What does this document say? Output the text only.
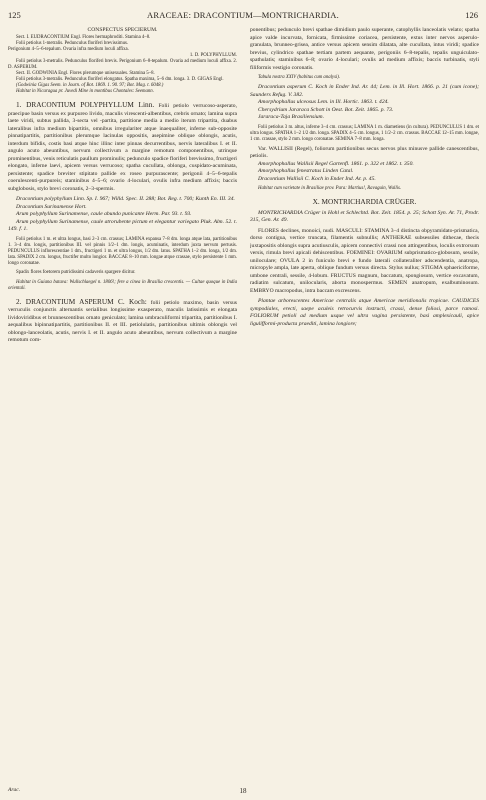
125	ARACEAE: DRACONTIUM—MONTRICHARDIA.	126

CONSPECTUS SPECIERUM.

Sect. I. EUDRACONTIUM Engl. Flores hermaphroditi. Stamina 4–8.

Folii petiolus 1-metralis. Pedunculus floriferi brevissimus.

Perigonium 4–5–6-tepalum. Ovaria infra medium loculi affixa.

1. D. POLYPHYLLUM.

Folii petiolus 3-metralis. Pedunculus floriferi brevis. Perigonium 6–8-tepalum. Ovaria ad medium loculi affixa. 2. D. ASPERUM.

Sect. II. GODWINIA Engl. Flores plerumque unisexuales. Stamina 5–8.

Folii petiolus 3-metralis. Pedunculus floriferi elongatus. Spatha maxima, 5–6 dm. longa. 3. D. GIGAS Engl.

(Godwinia Gigas Seem. in Journ. of Bot. 1869. 1. 90. 97; Bot. Mag. t. 6048.)

Habitat in Nicaragua pr. Juvedi Mine in montibus Chontales: Seemann.

1. DRACONTIUM POLYPHYLLUM Linn. Folii petiolo verrucoso-asperato, praecipue basin versus ex purpureo livido, maculis virescenti-albentibus, crebris ornato; lamina supra laete viridi, subtus pallida, 3-secta vel -partita, partitione media a medio iterum tripartita, duabus lateralibus infra medium bipartitis, omnibus irregulariter atque inaequaliter, inferne sub-opposite pinnatipartitis, partitionibus plerumque lacinulas oppositis, asepimine oblique oblongis, acutis, interdum bifidis, costis basi atque hinc illinc inter pinnas decurrentibus, nervis lateralibus I. et II. angulo acuto abeuntibus, nervum collectivum a margine remotum componentibus, utrinque prominentibus, venis reticulatis paullum prominulis; pedunculo spadice floriferi brevissimo, fructigeri elongato, inferne laevi, apicem versus verrucoso; spatha cucullata, oblonga, cuspidato-acuminata, persistente; spadice breviter stipitato pallide ex roseo purpurascente; perigonii 4–5–6-tepalis coerulescenti-purpureis; staminibus 4–5–6; ovario 4-loculari, ovulis infra medium affixis; baccis subglobosis, stylo brevi coronatis, 2–3-spermis.

Dracontium polyphyllum Linn. Sp. I. 967; Willd. Spec. II. 288; Bot. Reg. t. 700; Kunth En. III. 34.

Dracontium Surinamense Hort.

Arum polyphyllum Surinamense, caule abundo punicante Herm. Par. 93. t. 93.

Arum polyphyllum Surinamense, caule atrorubente pictum et elegantur variegato Pluk. Alm. 52. t. 149. f. 1.

Folii petiolus 1 m. et ultra longus, basi 2–3 cm. crassus; LAMINA expansa 7–8 dm. longa atque lata, partitionibus 1. 3–4 dm. longis, partitionibus III. vel pinnis 1/2–1 dm. longis, acuminatis, interdum juxta nervum pertusis. PEDUNCULUS inflorescentiae 1 dm., fructigeri 1 m. et ultra longus, 1/2 dm. latus. SPATHA 1–2 dm. longa, 1/2 dm. lata. SPADIX 2 cm. longus, fructifer multo longior. BACCAE 8–10 mm. longae atque crassae, stylo persistente 1 mm. longo coronatae.

Spadix flores foetorem putridissimi cadaveris spargere dicitur.

Habitat in Guiana batava: Wullschlaegel n. 1806!; fere a cinea in Brasilia crescentis. — Cultae quoque in India orientali.

2. DRACONTIUM ASPERUM C. Koch: folii petiolo maximo, basin versus verruculis conjunctis alternantis serialibus longissime exasperato, maculis latissimis et elongata lividoviridibus et brunnescentibus ornato geniculato; lamina umbraculiformi tripartita, partitionibus I. aequalibus bipinnatipartitis, partitionibus II. et III. petiolulatis, partitionibus ultimis oblongis vel oblongo-lanceolatis, acutis, nervis I. et II. angulo acuto abeuntibus, nervum collectivum a margine remotum com-

ponentibus; pedunculo brevi spathae dimidium paulo superante, catophyllis lanceolatis velato; spatha apice valde incurvata, fornicata, firmissime coriacea, persistente, extus inter nervos asperulo-granulata, brunneo-grisea, antice versus apicem sensim dilatata, alte cucullata, intus viridi; spadice brevius, cylindrico spathae tertiam partem aequante, perigoniis 6–8-tepalis, tepalis unguiculato-spathulatis; staminibus 6–8; ovario 4-loculari; ovulis ad medium affixis; baccis turbinatis, styli filiformis vestigio coronatis.

Tabula nostra XXIV (habitus cum analysi).

Dracontium asperum C. Koch in Ender Ind. Ar. 44; Lem. in Ill. Hort. 1866. p. 21 (cum icone); Saunders Refug. V. 382.

Amorphophallus ulceosus Lem. in Ill. Hortic. 1863. t. 424.

Chersydrium Jararaca Schott in Oest. Bot. Zeit. 1865. p. 73.

Jararaca-Taja Brasiliensium.

Folii petiolus 3 m. altus, inferne 3–4 cm. crassus; LAMINA 1 m. diametiens (in cultura). PEDUNCULUS 1 dm. et ultra longus. SPATHA 1–2 1/2 dm. longa. SPADIX 4–5 cm. longus, 1 1/2–2 cm. crassus. BACCAE 12–15 mm. longae, 1 cm. crassae, stylo 2 mm. longo coronatae. SEMINA 7–8 mm. longa.

Var. WALLISII (Regel), foliorum partitionibus secus nervos plus minusve pallide canescentibus, petiolis.

Amorphophallus Wallisii Regel Gartenfl. 1861. p. 322 et 1862. t. 350.

Amorphophallus fenestratus Linden Catal.

Dracontium Wallisii C. Koch in Ender Ind. Ar. p. 45.

Habitat cum varietate in Brasiliae prov. Para: Martius!, Ravaguin, Wallis.

X. MONTRICHARDIA CRÜGER.

MONTRICHARDIA Crüger in Hohl et Schlechtd. Bot. Zeit. 1854. p. 25; Schott Syn. Ar. 71, Prodr. 315, Gen. Ar. 49.

FLORES declines, monoici, nudi. MASCULI: STAMINA 3–4 distincta obpyramidato-prismatica, dorso contigua, vertice truncata, filamentis subnullis; ANTHERAE subsessiles dithecae, thecis juxtapositis oblongis supra acutiusculis, apicem connectivi crassi non attingentibus, loculis extrorsum versis, rimula brevi apicali dehiscentibus. FOEMINEI: OVARIUM subprismatico-globosum, sessile, uniloculare; OVULA 2 in funiculo brevi e fundo laterali collateraliter adscendentia, anatropa, micropyle ampla, late aperta, oblique fundum versus directa. Stylus nullus; STIGMA sphaericiforme, umbone centrali, sessile, 4-lobum. FRUCTUS magnum, baccatum, spongiosum, vertice excavatum, radiatim sulcatum, unilocularis, aborta monospermus. SEMEN anatropum, exalbuminosum. EMBRYO macropodus, intra baccam excrescens.

Plantae arborescentes Americae centralis atque Americae meridionalis tropicae. CAUDICES sympodiales, erecti, saepe aculeis retrocurvis instructi, crassi, dense foliosi, parce ramosi. FOLIORUM petioli ad medium usque vel ultra vagina persistente, basi amplexicauli, apice ligulifformi-producta praediti, lamina longiore;

Arac.	18
